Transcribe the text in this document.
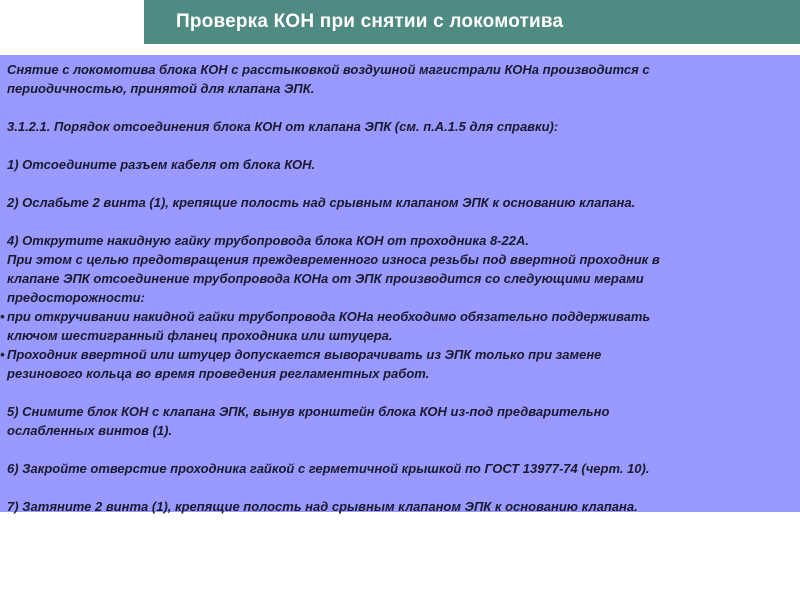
Проверка КОН при снятии с локомотива

Снятие с локомотива блока КОН с расстыковкой воздушной магистрали КОНа производится с
периодичностью, принятой для клапана ЭПК.

3.1.2.1. Порядок отсоединения блока КОН от клапана ЭПК (см. п.А.1.5 для справки):

1) Отсоедините разъем кабеля от блока КОН.

2) Ослабьте 2 винта (1), крепящие полость над срывным клапаном ЭПК к основанию клапана.

4) Открутите накидную гайку трубопровода блока КОН от проходника 8-22А.
При этом с целью предотвращения преждевременного износа резьбы под ввертной проходник в
клапане ЭПК отсоединение трубопровода КОНа от ЭПК производится со следующими мерами
предосторожности:

• при откручивании накидной гайки трубопровода КОНа необходимо обязательно поддерживать
ключом шестигранный фланец проходника или штуцера.

• Проходник ввертной или штуцер допускается выворачивать из ЭПК только при замене
резинового кольца во время проведения регламентных работ.

5) Снимите блок КОН с клапана ЭПК, вынув кронштейн блока КОН из-под предварительно
ослабленных винтов (1).

6) Закройте отверстие проходника гайкой с герметичной крышкой по ГОСТ 13977-74 (черт. 10).

7) Затяните 2 винта (1), крепящие полость над срывным клапаном ЭПК к основанию клапана.
